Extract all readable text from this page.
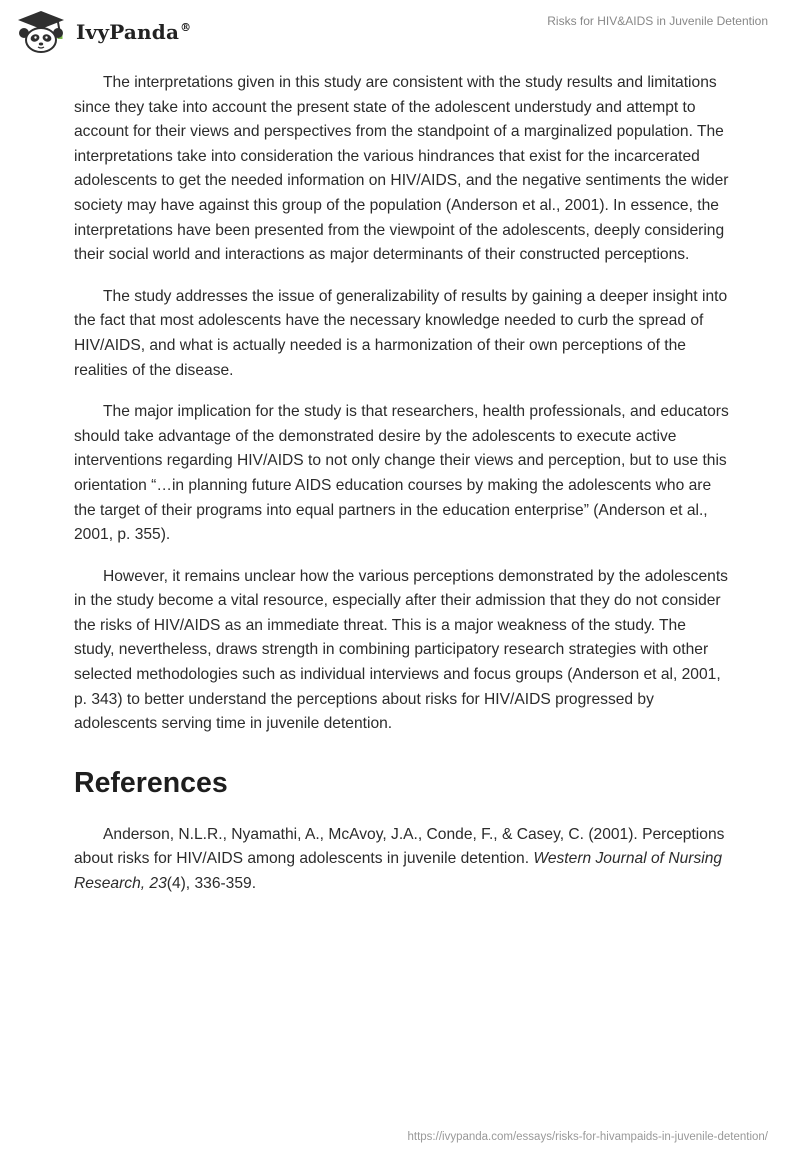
IvyPanda®	Risks for HIV&AIDS in Juvenile Detention

The interpretations given in this study are consistent with the study results and limitations since they take into account the present state of the adolescent understudy and attempt to account for their views and perspectives from the standpoint of a marginalized population. The interpretations take into consideration the various hindrances that exist for the incarcerated adolescents to get the needed information on HIV/AIDS, and the negative sentiments the wider society may have against this group of the population (Anderson et al., 2001). In essence, the interpretations have been presented from the viewpoint of the adolescents, deeply considering their social world and interactions as major determinants of their constructed perceptions.

The study addresses the issue of generalizability of results by gaining a deeper insight into the fact that most adolescents have the necessary knowledge needed to curb the spread of HIV/AIDS, and what is actually needed is a harmonization of their own perceptions of the realities of the disease.

The major implication for the study is that researchers, health professionals, and educators should take advantage of the demonstrated desire by the adolescents to execute active interventions regarding HIV/AIDS to not only change their views and perception, but to use this orientation “…in planning future AIDS education courses by making the adolescents who are the target of their programs into equal partners in the education enterprise” (Anderson et al., 2001, p. 355).

However, it remains unclear how the various perceptions demonstrated by the adolescents in the study become a vital resource, especially after their admission that they do not consider the risks of HIV/AIDS as an immediate threat. This is a major weakness of the study. The study, nevertheless, draws strength in combining participatory research strategies with other selected methodologies such as individual interviews and focus groups (Anderson et al, 2001, p. 343) to better understand the perceptions about risks for HIV/AIDS progressed by adolescents serving time in juvenile detention.

References

Anderson, N.L.R., Nyamathi, A., McAvoy, J.A., Conde, F., & Casey, C. (2001). Perceptions about risks for HIV/AIDS among adolescents in juvenile detention. Western Journal of Nursing Research, 23(4), 336-359.

https://ivypanda.com/essays/risks-for-hivampaids-in-juvenile-detention/
